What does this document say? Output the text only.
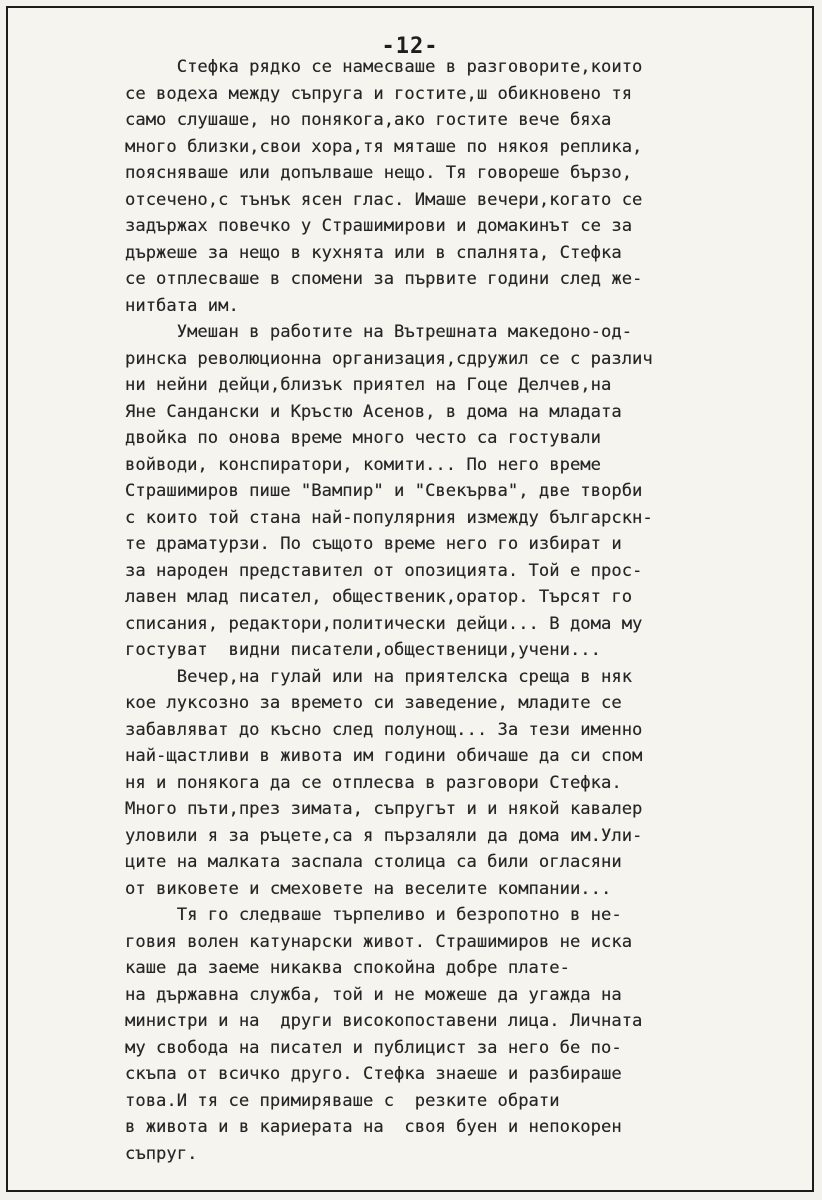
-12-
Стефка рядко се намесваше в разговорите,които
се водеха между съпруга и гостите,ш обикновено тя
само слушаше, но понякога,ако гостите вече бяха
много близки,свои хора,тя мяташе по някоя реплика,
поясняваше или допълваше нещо. Тя говореше бързо,
отсечено,с тънък ясен глас. Имаше вечери,когато се
задържах повечко у Страшимирови и домакинът се за
държеше за нещо в кухнята или в спалнята, Стефка
се отплесваше в спомени за първите години след же-
нитбата им.
Умешан в работите на Вътрешната македоно-од-
ринска революционна организация,сдружил се с различ
ни нейни дейци,близък приятел на Гоце Делчев,на
Яне Сандански и Кръстю Асенов, в дома на младата
двойка по онова време много често са гостували
войводи, конспиратори, комити... По него време
Страшимиров пише "Вампир" и "Свекърва", две творби
с които той стана най-популярния измежду българскн-
те драматурзи. По същото време него го избират и
за народен представител от опозицията. Той е прос-
лавен млад писател, общественик,оратор. Търсят го
списания, редактори,политически дейци... В дома му
гостуват  видни писатели,общественици,учени...
Вечер,на гулай или на приятелска среща в няк
кое луксозно за времето си заведение, младите се
забавляват до късно след полунощ... За тези именно
най-щастливи в живота им години обичаше да си спом
ня и понякога да се отплесва в разговори Стефка.
Много пъти,през зимата, съпругът и и някой кавалер
уловили я за ръцете,са я пързаляли да дома им.Ули-
ците на малката заспала столица са били огласяни
от виковете и смеховете на веселите компании...
Тя го следваше търпеливо и безропотно в не-
говия волен катунарски живот. Страшимиров не иска
каше да заеме никаква спокойна добре плате-
на държавна служба, той и не можеше да угажда на
министри и на  други високопоставени лица. Личната
му свобода на писател и публицист за него бе по-
скъпа от всичко друго. Стефка знаеше и разбираше
това.И тя се примиряваше с  резките обрати
в живота и в кариерата на  своя буен и непокорен
съпруг.
